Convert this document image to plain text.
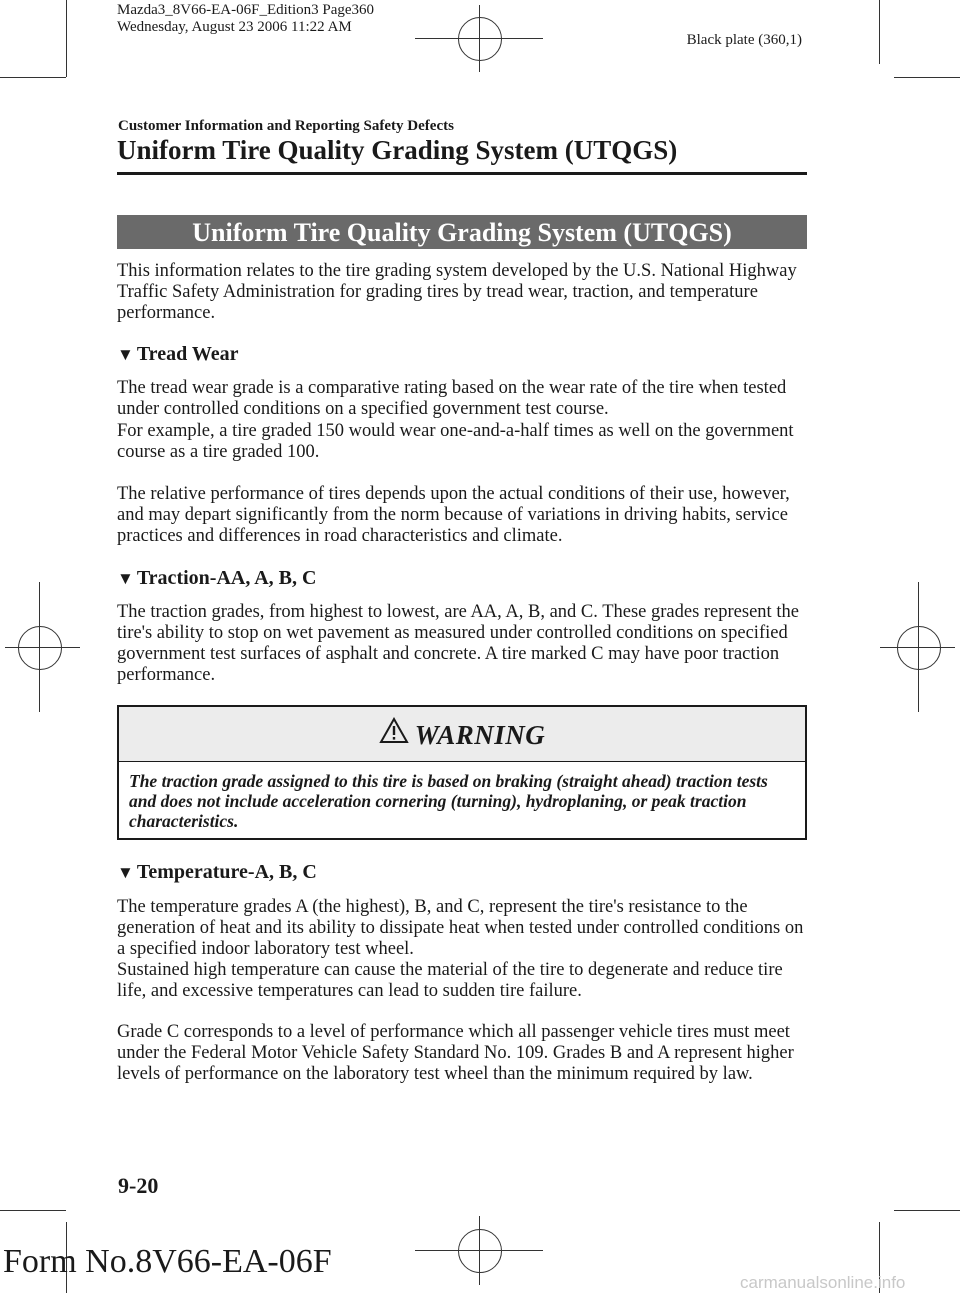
Mazda3_8V66-EA-06F_Edition3 Page360
Wednesday, August 23 2006 11:22 AM
Black plate (360,1)
Customer Information and Reporting Safety Defects
Uniform Tire Quality Grading System (UTQGS)
Uniform Tire Quality Grading System (UTQGS)

This information relates to the tire grading system developed by the U.S. National Highway Traffic Safety Administration for grading tires by tread wear, traction, and temperature performance.

▼ Tread Wear

The tread wear grade is a comparative rating based on the wear rate of the tire when tested under controlled conditions on a specified government test course.

For example, a tire graded 150 would wear one-and-a-half times as well on the government course as a tire graded 100.

The relative performance of tires depends upon the actual conditions of their use, however, and may depart significantly from the norm because of variations in driving habits, service practices and differences in road characteristics and climate.

▼ Traction-AA, A, B, C

The traction grades, from highest to lowest, are AA, A, B, and C. These grades represent the tire's ability to stop on wet pavement as measured under controlled conditions on specified government test surfaces of asphalt and concrete. A tire marked C may have poor traction performance.

WARNING

The traction grade assigned to this tire is based on braking (straight ahead) traction tests and does not include acceleration cornering (turning), hydroplaning, or peak traction characteristics.

▼ Temperature-A, B, C

The temperature grades A (the highest), B, and C, represent the tire's resistance to the generation of heat and its ability to dissipate heat when tested under controlled conditions on a specified indoor laboratory test wheel.

Sustained high temperature can cause the material of the tire to degenerate and reduce tire life, and excessive temperatures can lead to sudden tire failure.

Grade C corresponds to a level of performance which all passenger vehicle tires must meet under the Federal Motor Vehicle Safety Standard No. 109. Grades B and A represent higher levels of performance on the laboratory test wheel than the minimum required by law.

9-20
Form No.8V66-EA-06F
carmanualsonline.info
